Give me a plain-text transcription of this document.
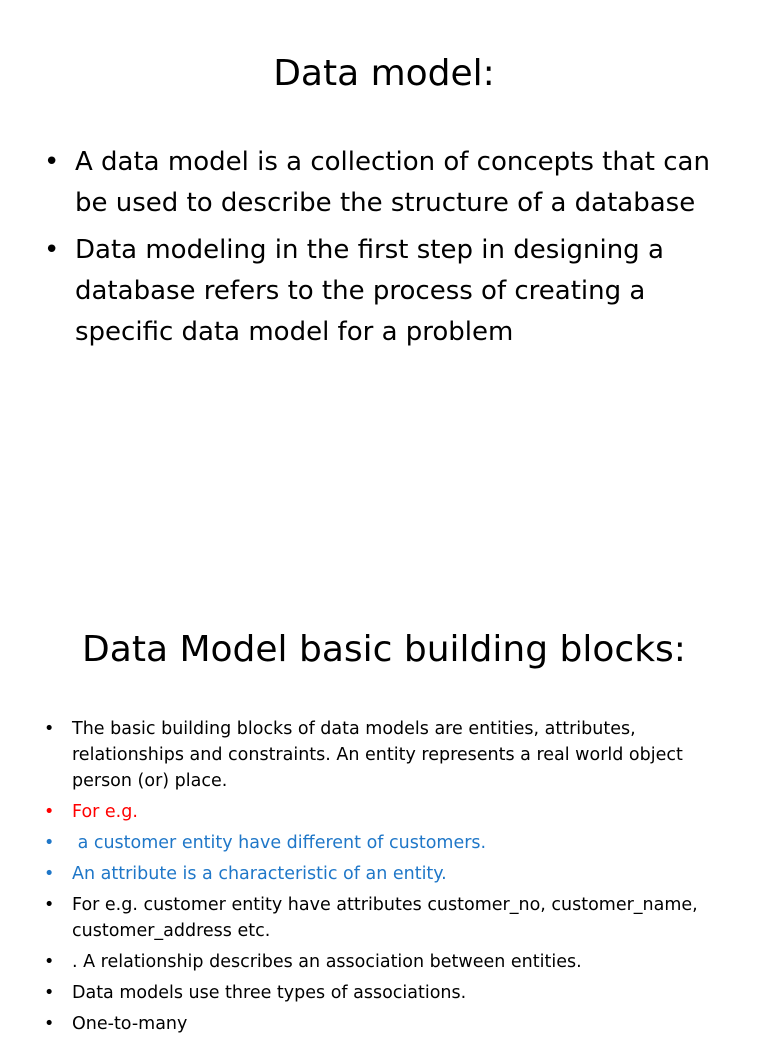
Data model:
• A data model is a collection of concepts that can be used to describe the structure of a database
• Data modeling in the first step in designing a database refers to the process of creating a specific data model for a problem
Data Model basic building blocks:
• The basic building blocks of data models are entities, attributes, relationships and constraints. An entity represents a real world object person (or) place.
• For e.g.
• a customer entity have different of customers.
• An attribute is a characteristic of an entity.
• For e.g. customer entity have attributes customer_no, customer_name, customer_address etc.
• . A relationship describes an association between entities.
• Data models use three types of associations.
• One-to-many
